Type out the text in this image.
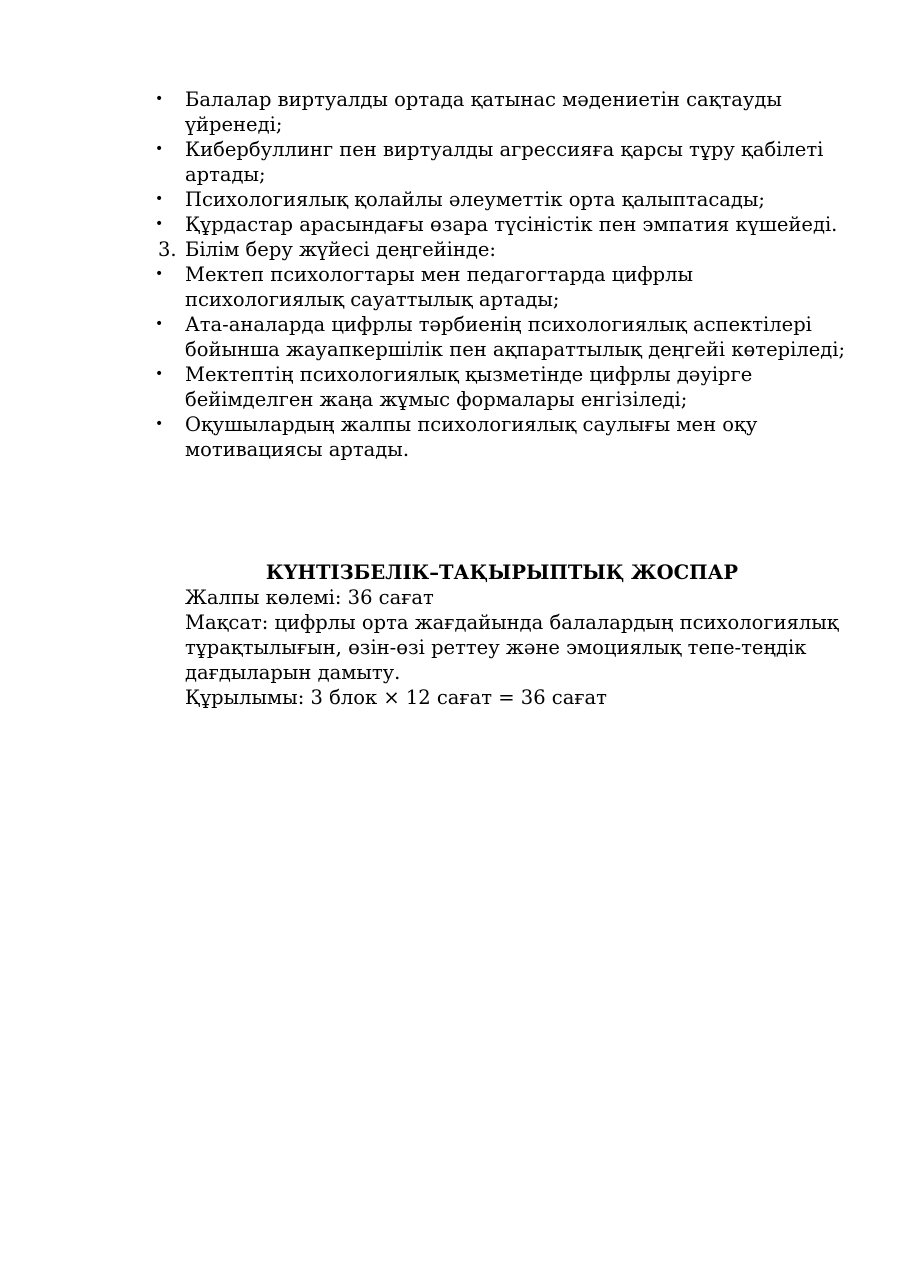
• Балалар виртуалды ортада қатынас мәдениетін сақтауды үйренеді;
• Кибербуллинг пен виртуалды агрессияға қарсы тұру қабілеті артады;
• Психологиялық қолайлы әлеуметтік орта қалыптасады;
• Құрдастар арасындағы өзара түсіністік пен эмпатия күшейеді.
3. Білім беру жүйесі деңгейінде:
• Мектеп психологтары мен педагогтарда цифрлы психологиялық сауаттылық артады;
• Ата-аналарда цифрлы тәрбиенің психологиялық аспектілері бойынша жауапкершілік пен ақпараттылық деңгейі көтеріледі;
• Мектептің психологиялық қызметінде цифрлы дәуірге бейімделген жаңа жұмыс формалары енгізіледі;
• Оқушылардың жалпы психологиялық саулығы мен оқу мотивациясы артады.
КҮНТІЗБЕЛІК–ТАҚЫРЫПТЫҚ ЖОСПАР
Жалпы көлемі: 36 сағат
Мақсат: цифрлы орта жағдайында балалардың психологиялық тұрақтылығын, өзін-өзі реттеу және эмоциялық тепе-теңдік дағдыларын дамыту.
Құрылымы: 3 блок × 12 сағат = 36 сағат
